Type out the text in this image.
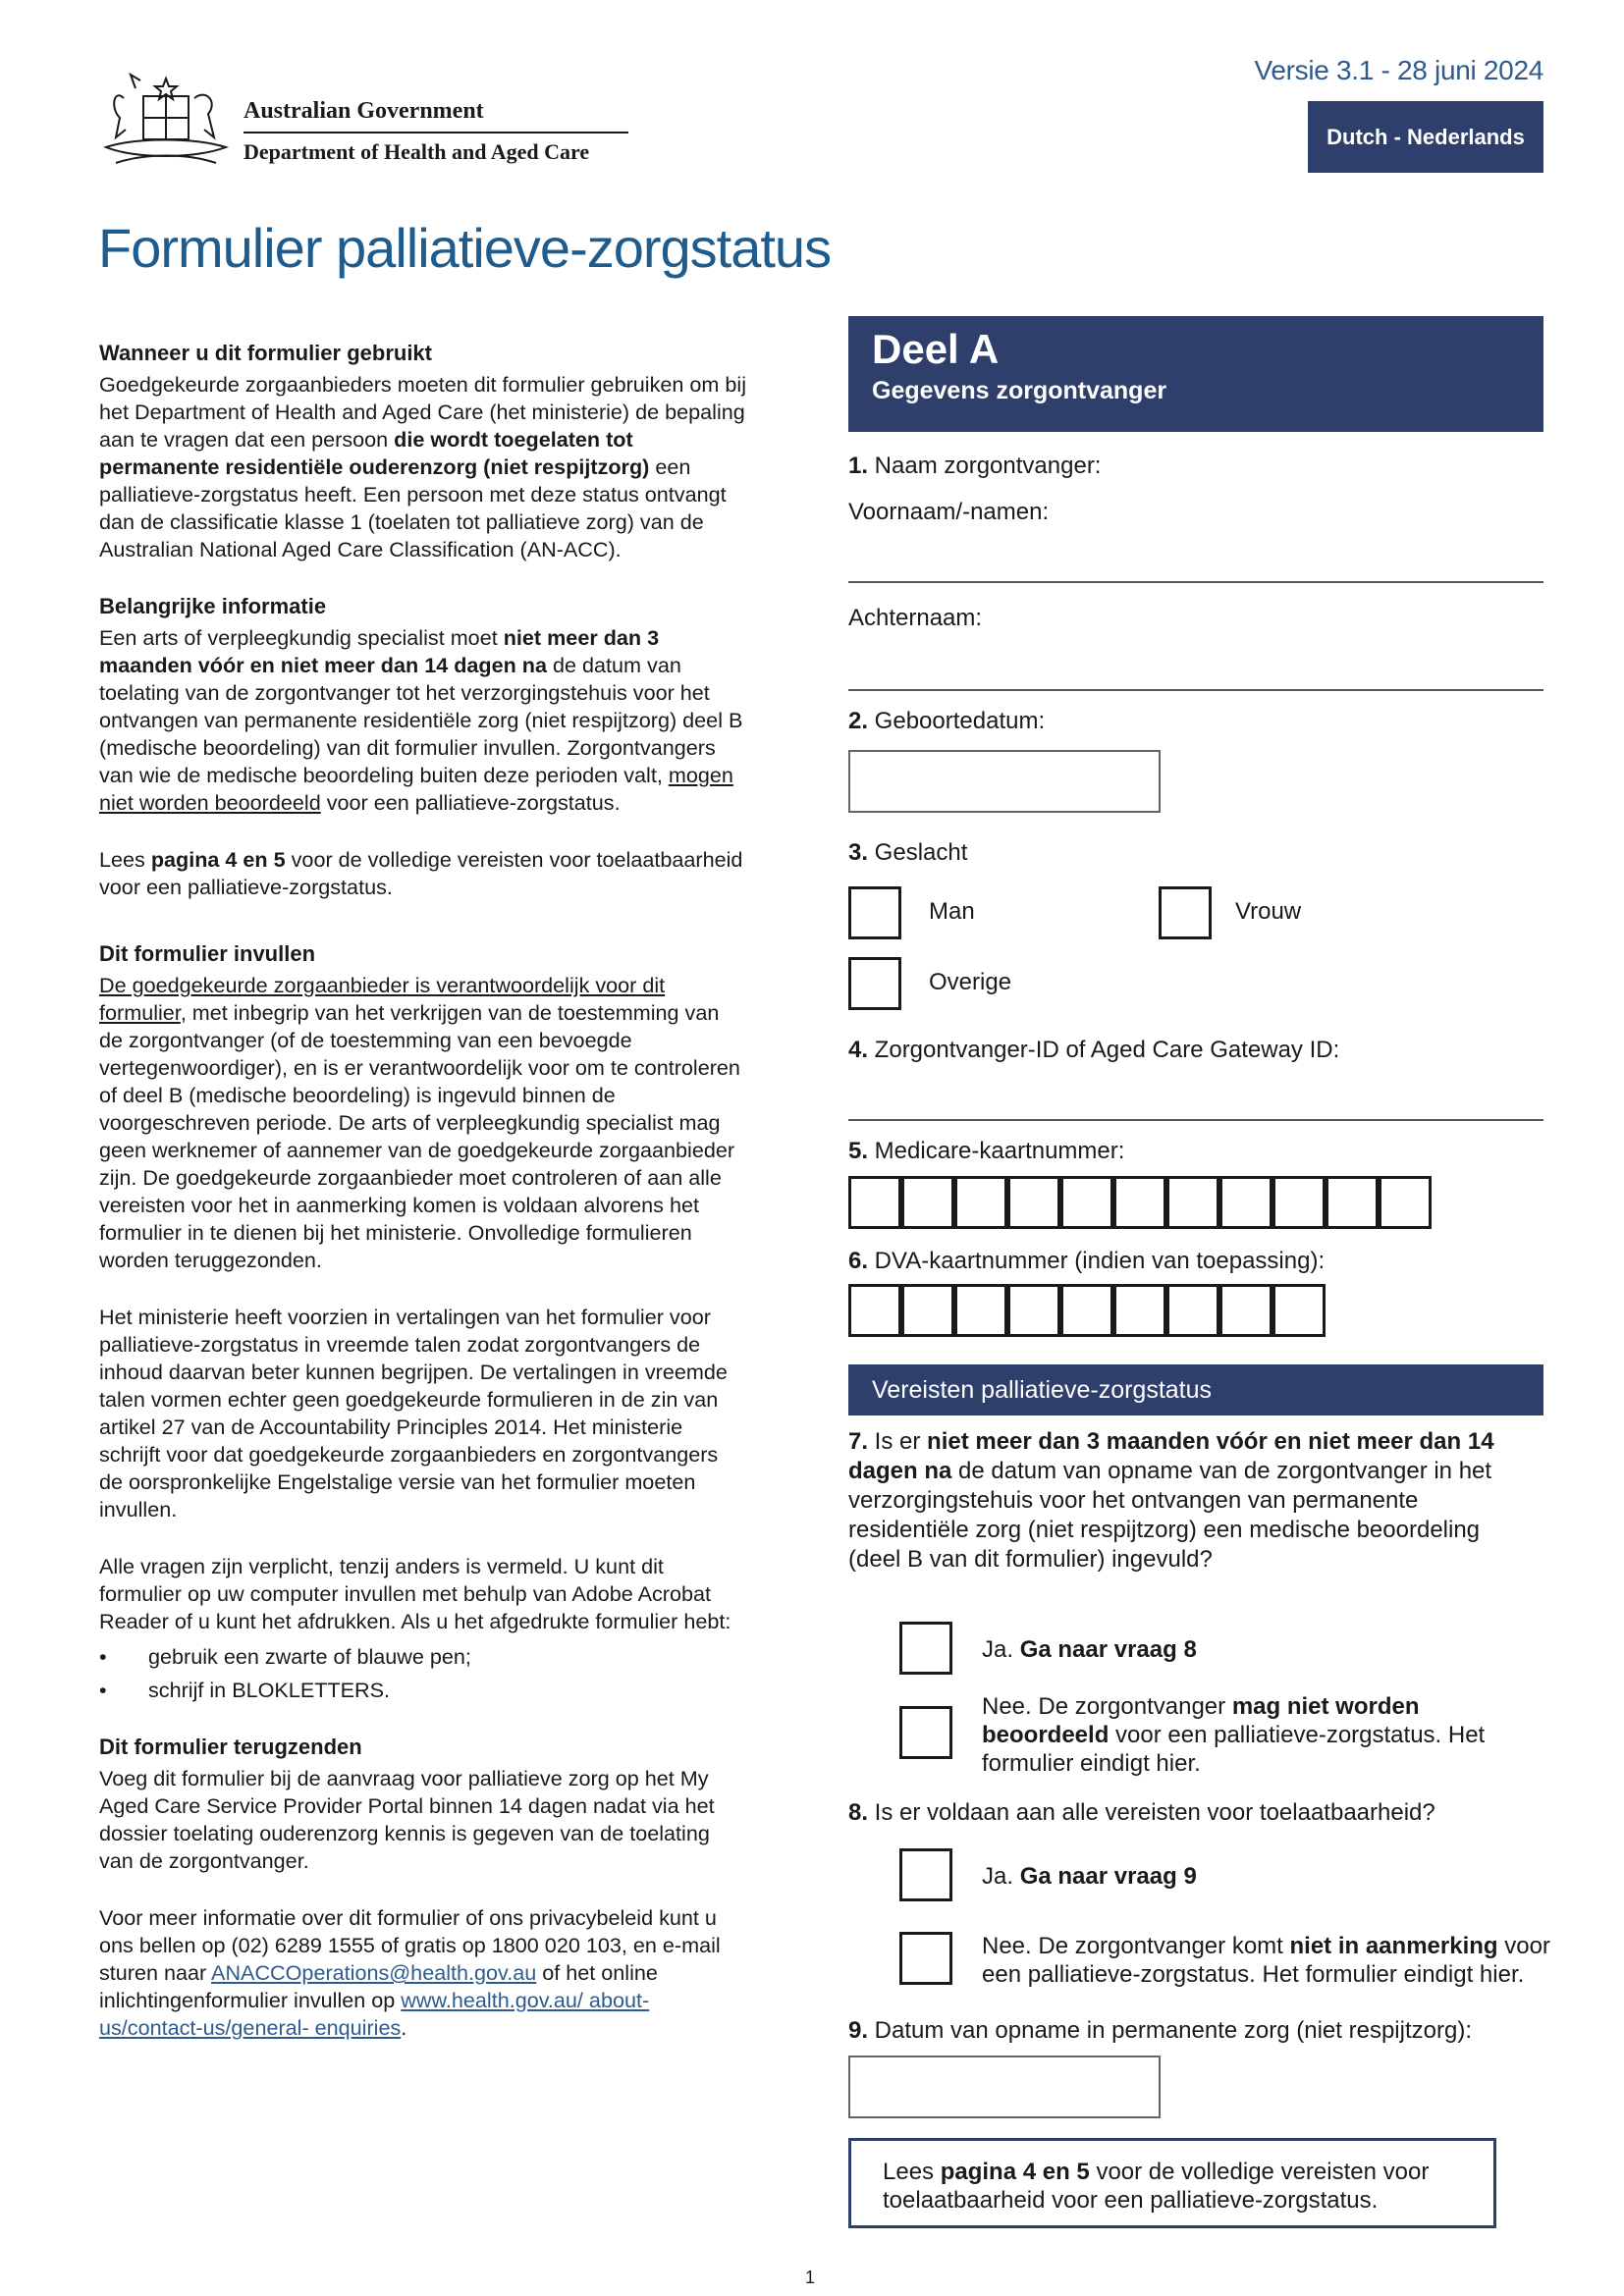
Australian Government
Department of Health and Aged Care
Versie 3.1 - 28 juni 2024
Dutch - Nederlands
Formulier palliatieve-zorgstatus
Wanneer u dit formulier gebruikt

Goedgekeurde zorgaanbieders moeten dit formulier gebruiken om bij het Department of Health and Aged Care (het ministerie) de bepaling aan te vragen dat een persoon die wordt toegelaten tot permanente residentiële ouderenzorg (niet respijtzorg) een palliatieve-zorgstatus heeft. Een persoon met deze status ontvangt dan de classificatie klasse 1 (toelaten tot palliatieve zorg) van de Australian National Aged Care Classification (AN-ACC).

Belangrijke informatie

Een arts of verpleegkundig specialist moet niet meer dan 3 maanden vóór en niet meer dan 14 dagen na de datum van toelating van de zorgontvanger tot het verzorgingstehuis voor het ontvangen van permanente residentiële zorg (niet respijtzorg) deel B (medische beoordeling) van dit formulier invullen. Zorgontvangers van wie de medische beoordeling buiten deze perioden valt, mogen niet worden beoordeeld voor een palliatieve-zorgstatus.

Lees pagina 4 en 5 voor de volledige vereisten voor toelaatbaarheid voor een palliatieve-zorgstatus.

Dit formulier invullen

De goedgekeurde zorgaanbieder is verantwoordelijk voor dit formulier, met inbegrip van het verkrijgen van de toestemming van de zorgontvanger (of de toestemming van een bevoegde vertegenwoordiger), en is er verantwoordelijk voor om te controleren of deel B (medische beoordeling) is ingevuld binnen de voorgeschreven periode. De arts of verpleegkundig specialist mag geen werknemer of aannemer van de goedgekeurde zorgaanbieder zijn. De goedgekeurde zorgaanbieder moet controleren of aan alle vereisten voor het in aanmerking komen is voldaan alvorens het formulier in te dienen bij het ministerie. Onvolledige formulieren worden teruggezonden.

Het ministerie heeft voorzien in vertalingen van het formulier voor palliatieve-zorgstatus in vreemde talen zodat zorgontvangers de inhoud daarvan beter kunnen begrijpen. De vertalingen in vreemde talen vormen echter geen goedgekeurde formulieren in de zin van artikel 27 van de Accountability Principles 2014. Het ministerie schrijft voor dat goedgekeurde zorgaanbieders en zorgontvangers de oorspronkelijke Engelstalige versie van het formulier moeten invullen.

Alle vragen zijn verplicht, tenzij anders is vermeld. U kunt dit formulier op uw computer invullen met behulp van Adobe Acrobat Reader of u kunt het afdrukken. Als u het afgedrukte formulier hebt:

• gebruik een zwarte of blauwe pen;
• schrijf in BLOKLETTERS.
Dit formulier terugzenden

Voeg dit formulier bij de aanvraag voor palliatieve zorg op het My Aged Care Service Provider Portal binnen 14 dagen nadat via het dossier toelating ouderenzorg kennis is gegeven van de toelating van de zorgontvanger.

Voor meer informatie over dit formulier of ons privacybeleid kunt u ons bellen op (02) 6289 1555 of gratis op 1800 020 103, en e-mail sturen naar ANACCOperations@health.gov.au of het online inlichtingenformulier invullen op www.health.gov.au/ about-us/contact-us/general- enquiries.

Deel A
Gegevens zorgontvanger
1. Naam zorgontvanger:
Voornaam/-namen:
Achternaam:
2. Geboortedatum:
3. Geslacht
Man	Vrouw
Overige
4. Zorgontvanger-ID of Aged Care Gateway ID:
5. Medicare-kaartnummer:
6. DVA-kaartnummer (indien van toepassing):
Vereisten palliatieve-zorgstatus
7. Is er niet meer dan 3 maanden vóór en niet meer dan 14 dagen na de datum van opname van de zorgontvanger in het verzorgingstehuis voor het ontvangen van permanente residentiële zorg (niet respijtzorg) een medische beoordeling (deel B van dit formulier) ingevuld?
Ja. Ga naar vraag 8
Nee. De zorgontvanger mag niet worden beoordeeld voor een palliatieve-zorgstatus. Het formulier eindigt hier.
8. Is er voldaan aan alle vereisten voor toelaatbaarheid?
Ja. Ga naar vraag 9
Nee. De zorgontvanger komt niet in aanmerking voor een palliatieve-zorgstatus. Het formulier eindigt hier.
9. Datum van opname in permanente zorg (niet respijtzorg):
Lees pagina 4 en 5 voor de volledige vereisten voor toelaatbaarheid voor een palliatieve-zorgstatus.
1
